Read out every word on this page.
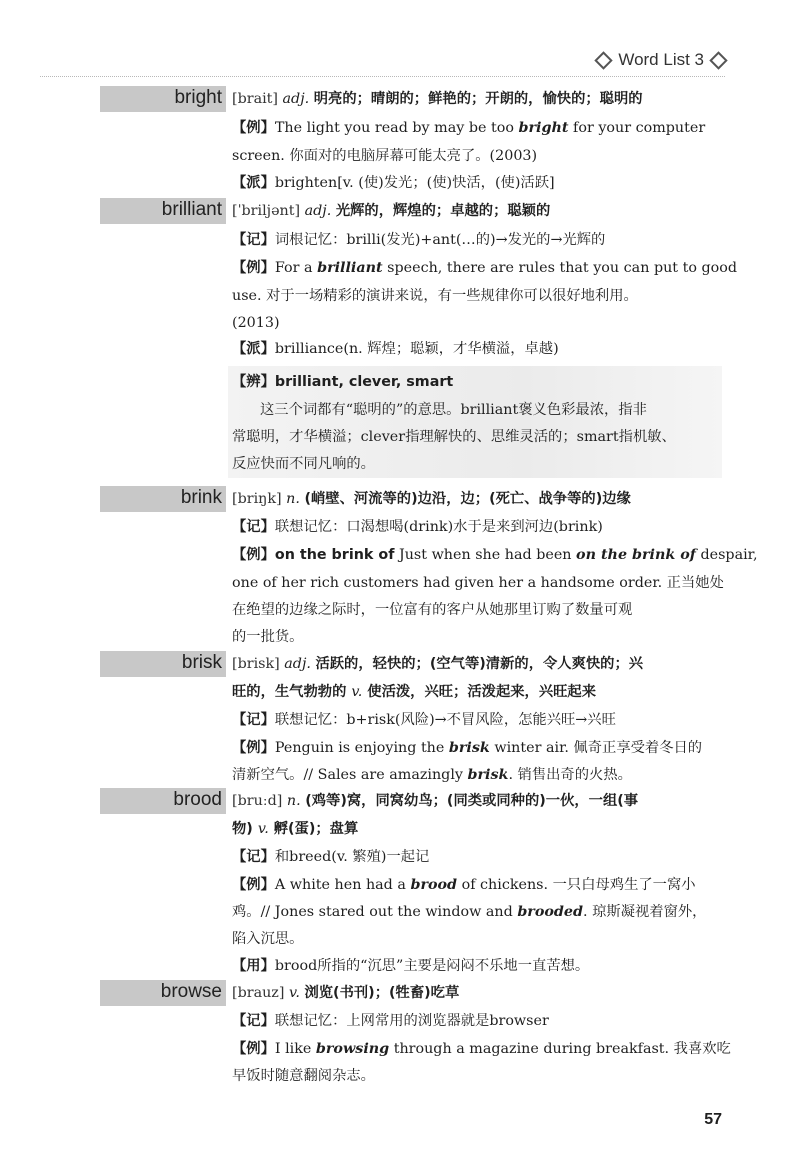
Word List 3
bright [brait] adj. 明亮的；晴朗的；鲜艳的；开朗的，愉快的；聪明的
【例】The light you read by may be too bright for your computer
screen. 你面对的电脑屏幕可能太亮了。(2003)
【派】brighten[v. (使)发光；(使)快活，(使)活跃]
brilliant [ˈbriljənt] adj. 光辉的，辉煌的；卓越的；聪颖的
【记】词根记忆：brilli(发光)+ant(…的)→发光的→光辉的
【例】For a brilliant speech, there are rules that you can put to good
use. 对于一场精彩的演讲来说，有一些规律你可以很好地利用。
(2013)
【派】brilliance(n. 辉煌；聪颖，才华横溢，卓越)
【辨】brilliant, clever, smart
这三个词都有“聪明的”的意思。brilliant褒义色彩最浓，指非
常聪明，才华横溢；clever指理解快的、思维灵活的；smart指机敏、
反应快而不同凡响的。
brink [briŋk] n. (峭壁、河流等的)边沿，边；(死亡、战争等的)边缘
【记】联想记忆：口渴想喝(drink)水于是来到河边(brink)
【例】on the brink of Just when she had been on the brink of despair,
one of her rich customers had given her a handsome order. 正当她处
在绝望的边缘之际时，一位富有的客户从她那里订购了数量可观
的一批货。
brisk [brisk] adj. 活跃的，轻快的；(空气等)清新的，令人爽快的；兴
旺的，生气勃勃的 v. 使活泼，兴旺；活泼起来，兴旺起来
【记】联想记忆：b+risk(风险)→不冒风险，怎能兴旺→兴旺
【例】Penguin is enjoying the brisk winter air. 佩奇正享受着冬日的
清新空气。// Sales are amazingly brisk. 销售出奇的火热。
brood [bruːd] n. (鸡等)窝，同窝幼鸟；(同类或同种的)一伙，一组(事
物) v. 孵(蛋)；盘算
【记】和breed(v. 繁殖)一起记
【例】A white hen had a brood of chickens. 一只白母鸡生了一窝小
鸡。// Jones stared out the window and brooded. 琼斯凝视着窗外，
陷入沉思。
【用】brood所指的“沉思”主要是闷闷不乐地一直苦想。
browse [brauz] v. 浏览(书刊)；(牲畜)吃草
【记】联想记忆：上网常用的浏览器就是browser
【例】I like browsing through a magazine during breakfast. 我喜欢吃
早饭时随意翻阅杂志。
57
